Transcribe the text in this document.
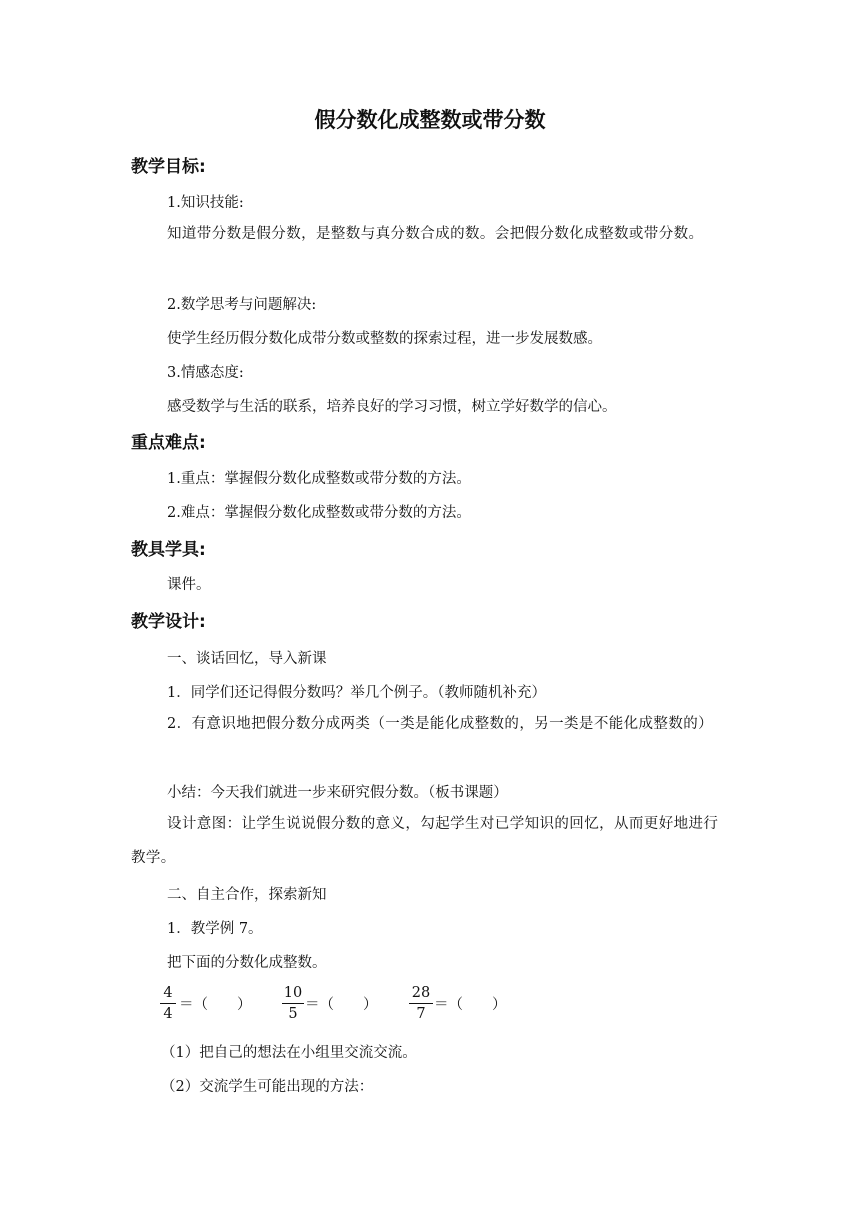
假分数化成整数或带分数
教学目标:
1.知识技能:
知道带分数是假分数，是整数与真分数合成的数。会把假分数化成整数或带分数。
2.数学思考与问题解决:
使学生经历假分数化成带分数或整数的探索过程，进一步发展数感。
3.情感态度:
感受数学与生活的联系，培养良好的学习习惯，树立学好数学的信心。
重点难点:
1.重点：掌握假分数化成整数或带分数的方法。
2.难点：掌握假分数化成整数或带分数的方法。
教具学具:
课件。
教学设计:
一、谈话回忆，导入新课
1．同学们还记得假分数吗？举几个例子。（教师随机补充）
2．有意识地把假分数分成两类（一类是能化成整数的，另一类是不能化成整数的）
小结：今天我们就进一步来研究假分数。（板书课题）
设计意图：让学生说说假分数的意义，勾起学生对已学知识的回忆，从而更好地进行教学。
二、自主合作，探索新知
1．教学例 7。
把下面的分数化成整数。
4
4
＝（　　）
10
5
＝（　　）
28
7
＝（　　）
（1）把自己的想法在小组里交流交流。
（2）交流学生可能出现的方法：
